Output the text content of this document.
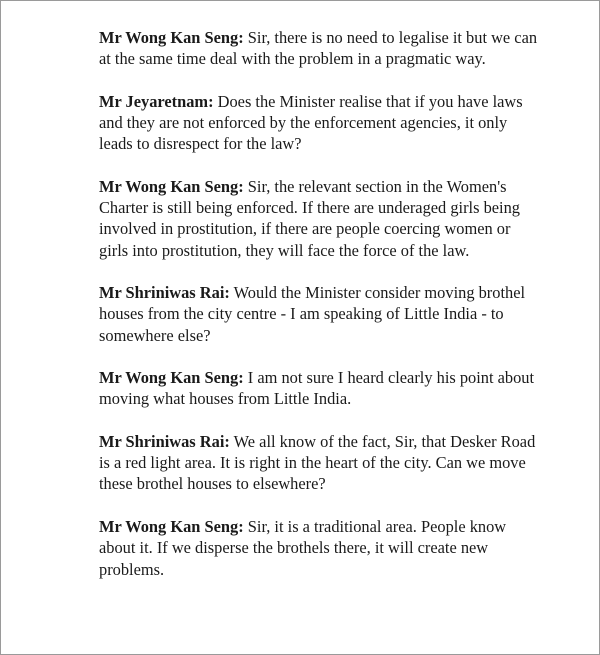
Mr Wong Kan Seng: Sir, there is no need to legalise it but we can at the same time deal with the problem in a pragmatic way.

Mr Jeyaretnam: Does the Minister realise that if you have laws and they are not enforced by the enforcement agencies, it only leads to disrespect for the law?

Mr Wong Kan Seng: Sir, the relevant section in the Women's Charter is still being enforced. If there are underaged girls being involved in prostitution, if there are people coercing women or girls into prostitution, they will face the force of the law.

Mr Shriniwas Rai: Would the Minister consider moving brothel houses from the city centre - I am speaking of Little India - to somewhere else?

Mr Wong Kan Seng: I am not sure I heard clearly his point about moving what houses from Little India.

Mr Shriniwas Rai: We all know of the fact, Sir, that Desker Road is a red light area. It is right in the heart of the city. Can we move these brothel houses to elsewhere?

Mr Wong Kan Seng: Sir, it is a traditional area. People know about it. If we disperse the brothels there, it will create new problems.
